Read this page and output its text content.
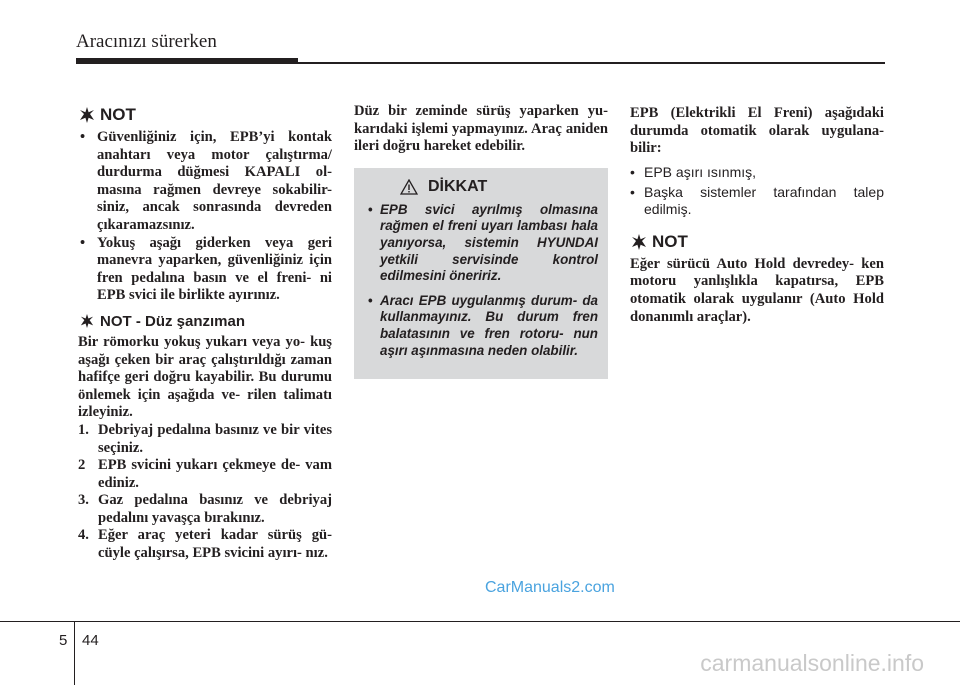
Aracınızı sürerken
NOT
• Güvenliğiniz için, EPB’yi kontak anahtarı veya motor çalıştırma/ durdurma düğmesi KAPALI ol- masına rağmen devreye sokabilir- siniz, ancak sonrasında devreden çıkaramazsınız.
• Yokuş aşağı giderken veya geri manevra yaparken, güvenliğiniz için fren pedalına basın ve el freni- ni EPB svici ile birlikte ayırınız.
NOT - Düz şanzıman
Bir römorku yokuş yukarı veya yo- kuş aşağı çeken bir araç çalıştırıldığı zaman hafifçe geri doğru kayabilir. Bu durumu önlemek için aşağıda ve- rilen talimatı izleyiniz.
1. Debriyaj pedalına basınız ve bir vites seçiniz.
2 EPB svicini yukarı çekmeye de- vam ediniz.
3. Gaz pedalına basınız ve debriyaj pedalını yavaşça bırakınız.
4. Eğer araç yeteri kadar sürüş gü- cüyle çalışırsa, EPB svicini ayırı- nız.
Düz bir zeminde sürüş yaparken yu- karıdaki işlemi yapmayınız. Araç aniden ileri doğru hareket edebilir.
DİKKAT
• EPB svici ayrılmış olmasına rağmen el freni uyarı lambası hala yanıyorsa, sistemin HYUNDAI yetkili servisinde kontrol edilmesini öneririz.
• Aracı EPB uygulanmış durum- da kullanmayınız. Bu durum fren balatasının ve fren rotoru- nun aşırı aşınmasına neden olabilir.
EPB (Elektrikli El Freni) aşağıdaki durumda otomatik olarak uygulana- bilir:
• EPB aşırı ısınmış,
• Başka sistemler tarafından talep edilmiş.
NOT
Eğer sürücü Auto Hold devredey- ken motoru yanlışlıkla kapatırsa, EPB otomatik olarak uygulanır (Auto Hold donanımlı araçlar).
CarManuals2.com
5 44
carmanualsonline.info
